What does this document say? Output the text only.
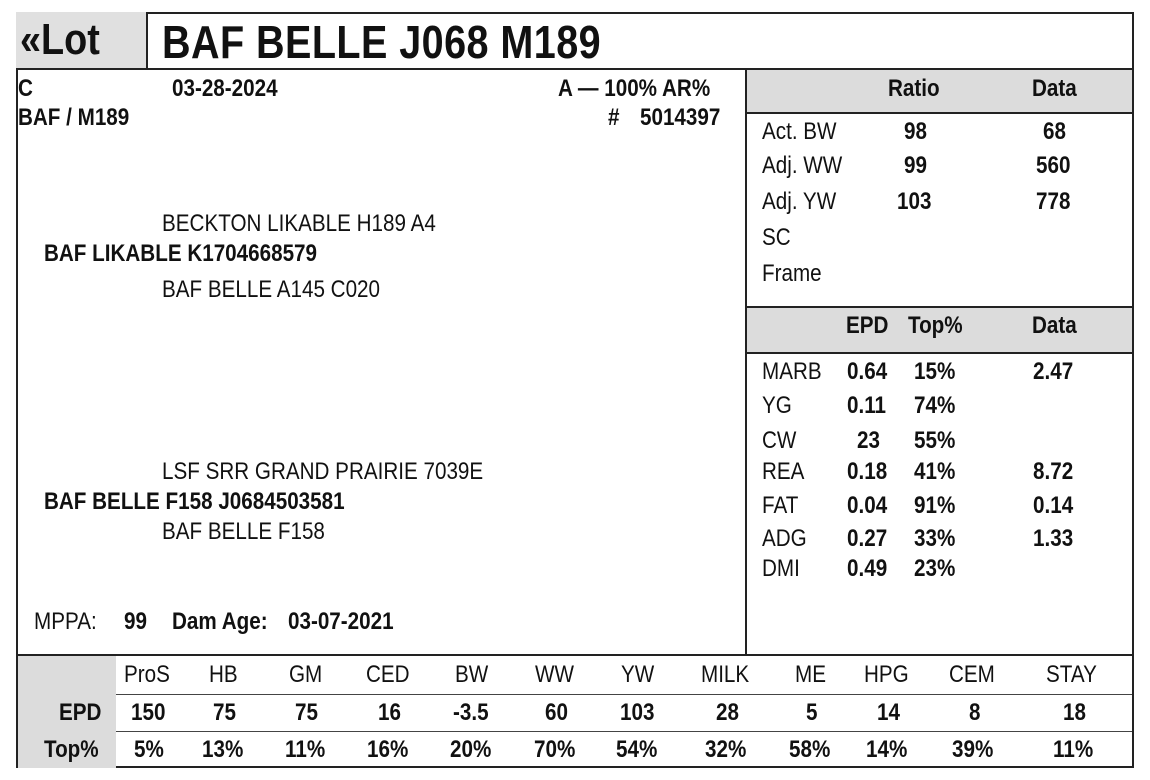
«Lot	BAF BELLE J068 M189
C	03-28-2024	A — 100% AR%
BAF / M189	# 5014397
BECKTON LIKABLE H189 A4
BAF LIKABLE K1704668579
BAF BELLE A145 C020
LSF SRR GRAND PRAIRIE 7039E
BAF BELLE F158 J0684503581
BAF BELLE F158
MPPA:	99 Dam Age: 03-07-2021
Ratio	Data
Act. BW	98	68
Adj. WW	99	560
Adj. YW	103	778
SC
Frame
EPD Top%	Data
MARB	0.64	15%	2.47
YG 0.11	74%
CW	23	55%
REA 0.18	41%	8.72
FAT 0.04	91%	0.14
ADG	0.27	33%	1.33
DMI 0.49	23%
	ProS	HB	GM	CED	BW	WW	YW	MILK	ME	HPG	CEM	STAY
EPD	150	75	75	16	-3.5	60	103	28	5	14	8	18
Top%	5%	13%	11%	16%	20%	70%	54%	32%	58%	14%	39%	11%
